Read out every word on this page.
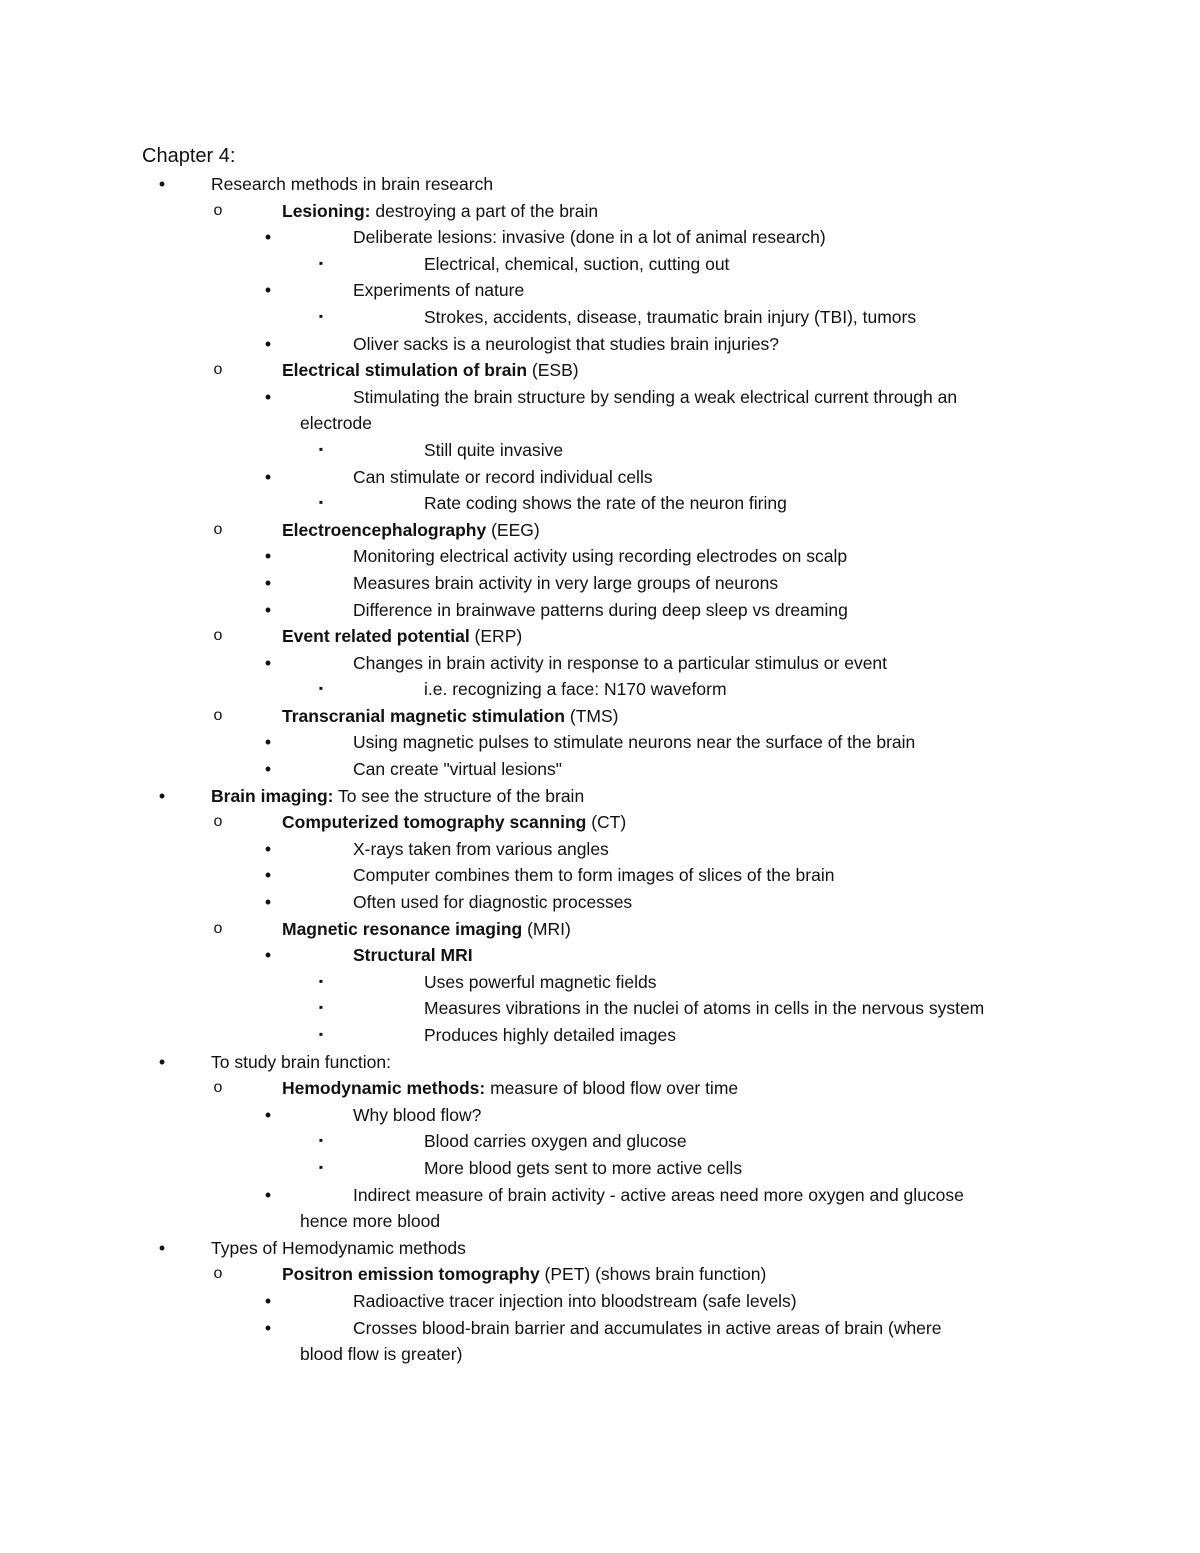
Chapter 4:
•	Research methods in brain research
o	Lesioning: destroying a part of the brain
•	Deliberate lesions: invasive (done in a lot of animal research)
▪	Electrical, chemical, suction, cutting out
•	Experiments of nature
▪	Strokes, accidents, disease, traumatic brain injury (TBI), tumors
•	Oliver sacks is a neurologist that studies brain injuries?
o	Electrical stimulation of brain (ESB)
•	Stimulating the brain structure by sending a weak electrical current through an
electrode
▪	Still quite invasive
•	Can stimulate or record individual cells
▪	Rate coding shows the rate of the neuron firing
o	Electroencephalography (EEG)
•	Monitoring electrical activity using recording electrodes on scalp
•	Measures brain activity in very large groups of neurons
•	Difference in brainwave patterns during deep sleep vs dreaming
o	Event related potential (ERP)
•	Changes in brain activity in response to a particular stimulus or event
▪	i.e. recognizing a face: N170 waveform
o	Transcranial magnetic stimulation (TMS)
•	Using magnetic pulses to stimulate neurons near the surface of the brain
•	Can create "virtual lesions"
•	Brain imaging: To see the structure of the brain
o	Computerized tomography scanning (CT)
•	X-rays taken from various angles
•	Computer combines them to form images of slices of the brain
•	Often used for diagnostic processes
o	Magnetic resonance imaging (MRI)
•	Structural MRI
▪	Uses powerful magnetic fields
▪	Measures vibrations in the nuclei of atoms in cells in the nervous system
▪	Produces highly detailed images
•	To study brain function:
o	Hemodynamic methods: measure of blood flow over time
•	Why blood flow?
▪	Blood carries oxygen and glucose
▪	More blood gets sent to more active cells
•	Indirect measure of brain activity - active areas need more oxygen and glucose
hence more blood
•	Types of Hemodynamic methods
o	Positron emission tomography (PET) (shows brain function)
•	Radioactive tracer injection into bloodstream (safe levels)
•	Crosses blood-brain barrier and accumulates in active areas of brain (where
blood flow is greater)
